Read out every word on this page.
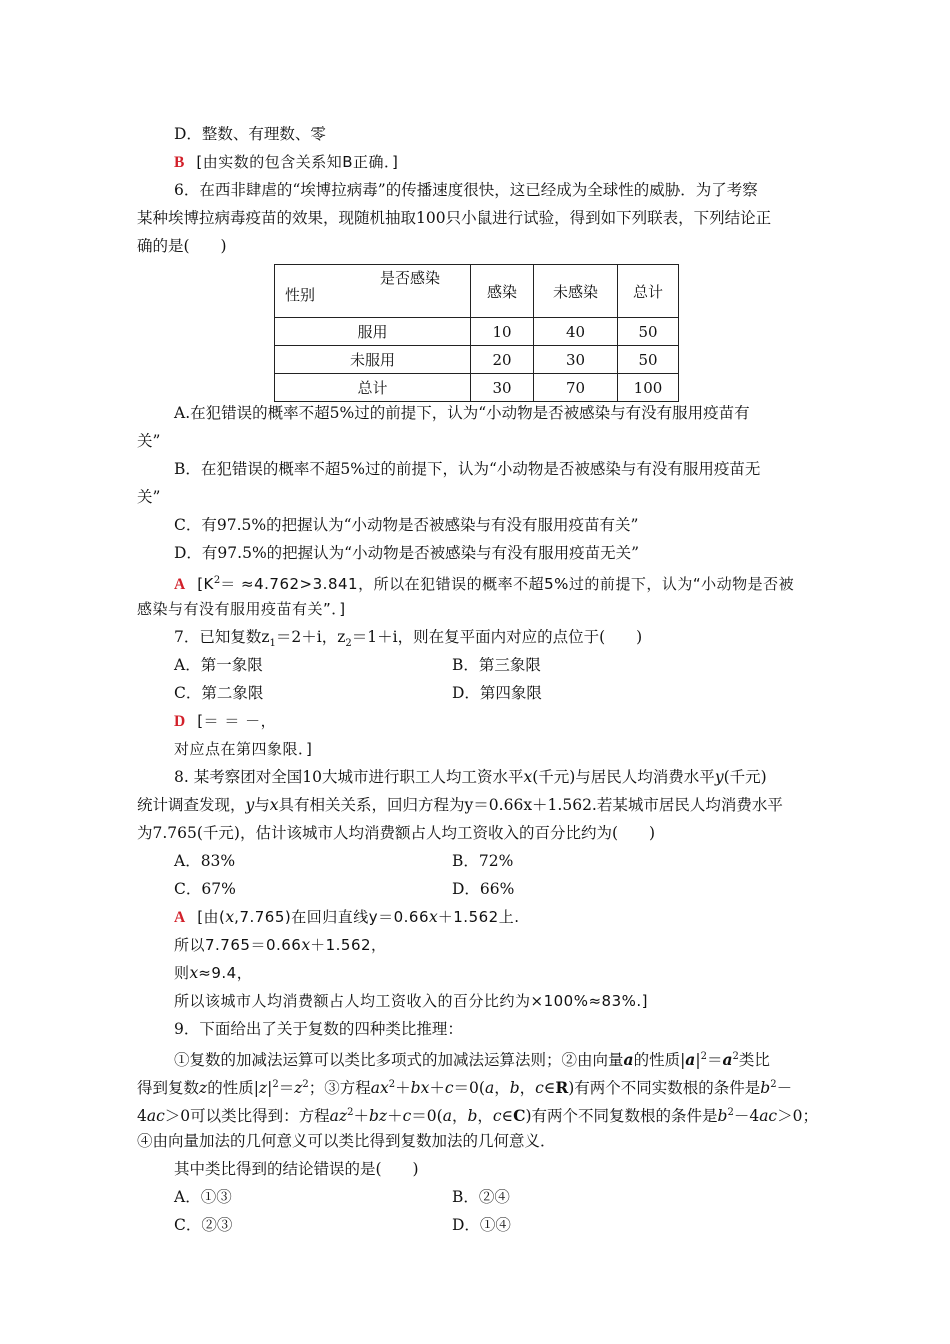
D．整数、有理数、零
B [由实数的包含关系知B正确．]
6．在西非肆虐的“埃博拉病毒”的传播速度很快，这已经成为全球性的威胁．为了考察
某种埃博拉病毒疫苗的效果，现随机抽取100只小鼠进行试验，得到如下列联表，下列结论正
确的是(　　)
是否感染
性别	感染	未感染	总计
服用	10	40	50
未服用	20	30	50
总计	30	70	100
A.在犯错误的概率不超5%过的前提下，认为“小动物是否被感染与有没有服用疫苗有
关”
B．在犯错误的概率不超5%过的前提下，认为“小动物是否被感染与有没有服用疫苗无
关”
C．有97.5%的把握认为“小动物是否被感染与有没有服用疫苗有关”
D．有97.5%的把握认为“小动物是否被感染与有没有服用疫苗无关”
A [$K^2= \approx 4.762>3.841$，所以在犯错误的概率不超5%过的前提下，认为“小动物是否被
感染与有没有服用疫苗有关”．]
7．已知复数$z_1=2+i$，$z_2=1+i$，则在复平面内对应的点位于(　　)
A．第一象限	B．第三象限
C．第二象限	D．第四象限
D [＝ ＝ －，
对应点在第四象限．]
8. 某考察团对全国10大城市进行职工人均工资水平x(千元)与居民人均消费水平y(千元)
统计调查发现，y与x具有相关关系，回归方程为y＝0.66x＋1.562.若某城市居民人均消费水平
为7.765(千元)，估计该城市人均消费额占人均工资收入的百分比约为(　　)
A．83%	B．72%
C．67%	D．66%
A [由(x,7.765)在回归直线y＝0.66x＋1.562上.
所以7.765＝0.66x＋1.562，
则x≈9.4，
所以该城市人均消费额占人均工资收入的百分比约为×100%≈83%.]
9．下面给出了关于复数的四种类比推理：
①复数的加减法运算可以类比多项式的加减法运算法则；②由向量a的性质$|a|^2=a^2$类比
得到复数z的性质$|z|^2=z^2$；③方程$ax^2+bx+c=0(a$，b，c∈R)有两个不同实数根的条件是$b^2-$
4ac＞0可以类比得到：方程$az^2+bz+c=0(a$，b，c∈C)有两个不同复数根的条件是$b^2-4ac>0$；
④由向量加法的几何意义可以类比得到复数加法的几何意义．
其中类比得到的结论错误的是(　　)
A．①③	B．②④
C．②③	D．①④
